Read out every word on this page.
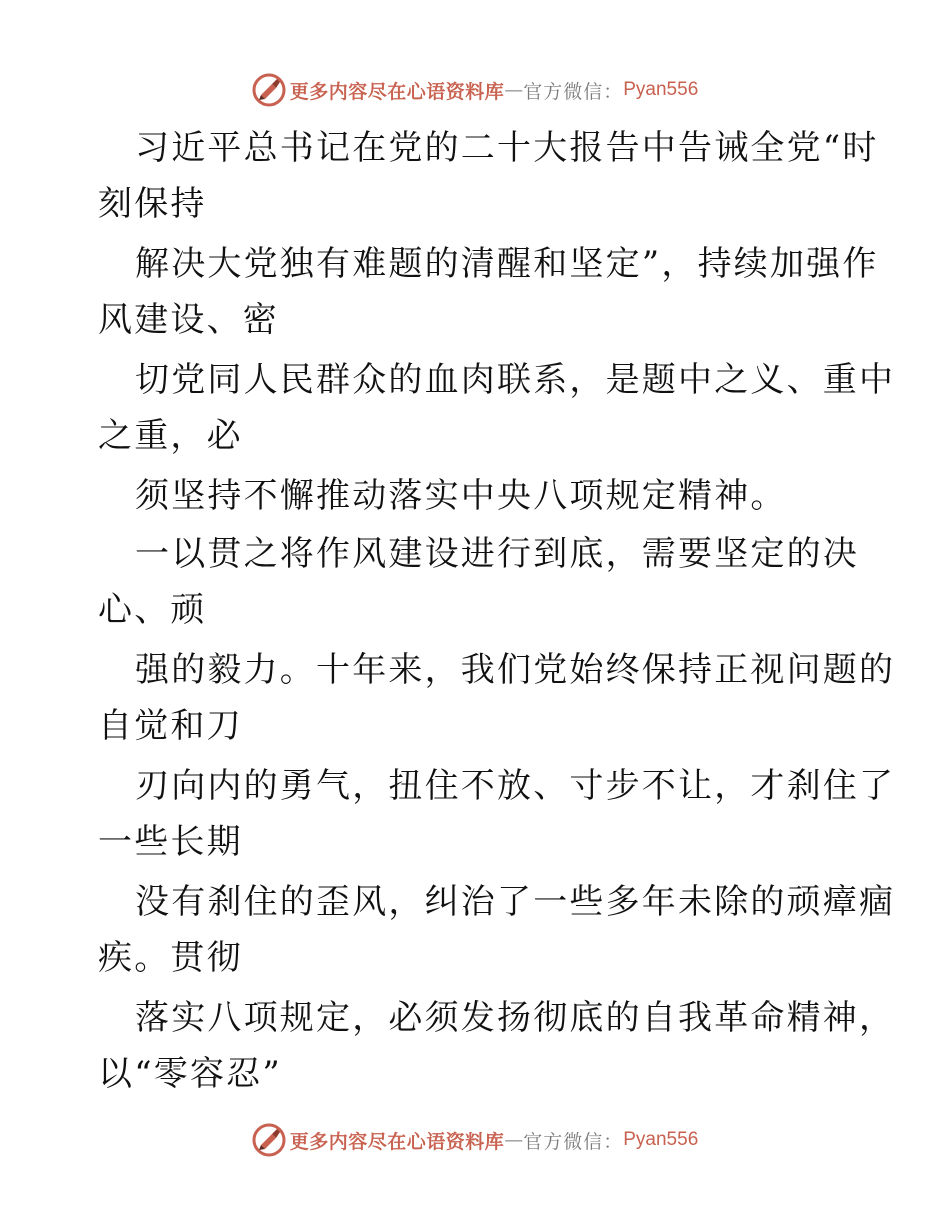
更多内容尽在心语资料库 — 官方微信： Pyan556
习近平总书记在党的二十大报告中告诫全党“时
刻保持
解决大党独有难题的清醒和坚定”，持续加强作
风建设、密
切党同人民群众的血肉联系，是题中之义、重中
之重，必
须坚持不懈推动落实中央八项规定精神。
一以贯之将作风建设进行到底，需要坚定的决
心、顽
强的毅力。十年来，我们党始终保持正视问题的
自觉和刀
刃向内的勇气，扭住不放、寸步不让，才刹住了
一些长期
没有刹住的歪风，纠治了一些多年未除的顽瘴痼
疾。贯彻
落实八项规定，必须发扬彻底的自我革命精神，
以“零容忍”
更多内容尽在心语资料库 — 官方微信： Pyan556
